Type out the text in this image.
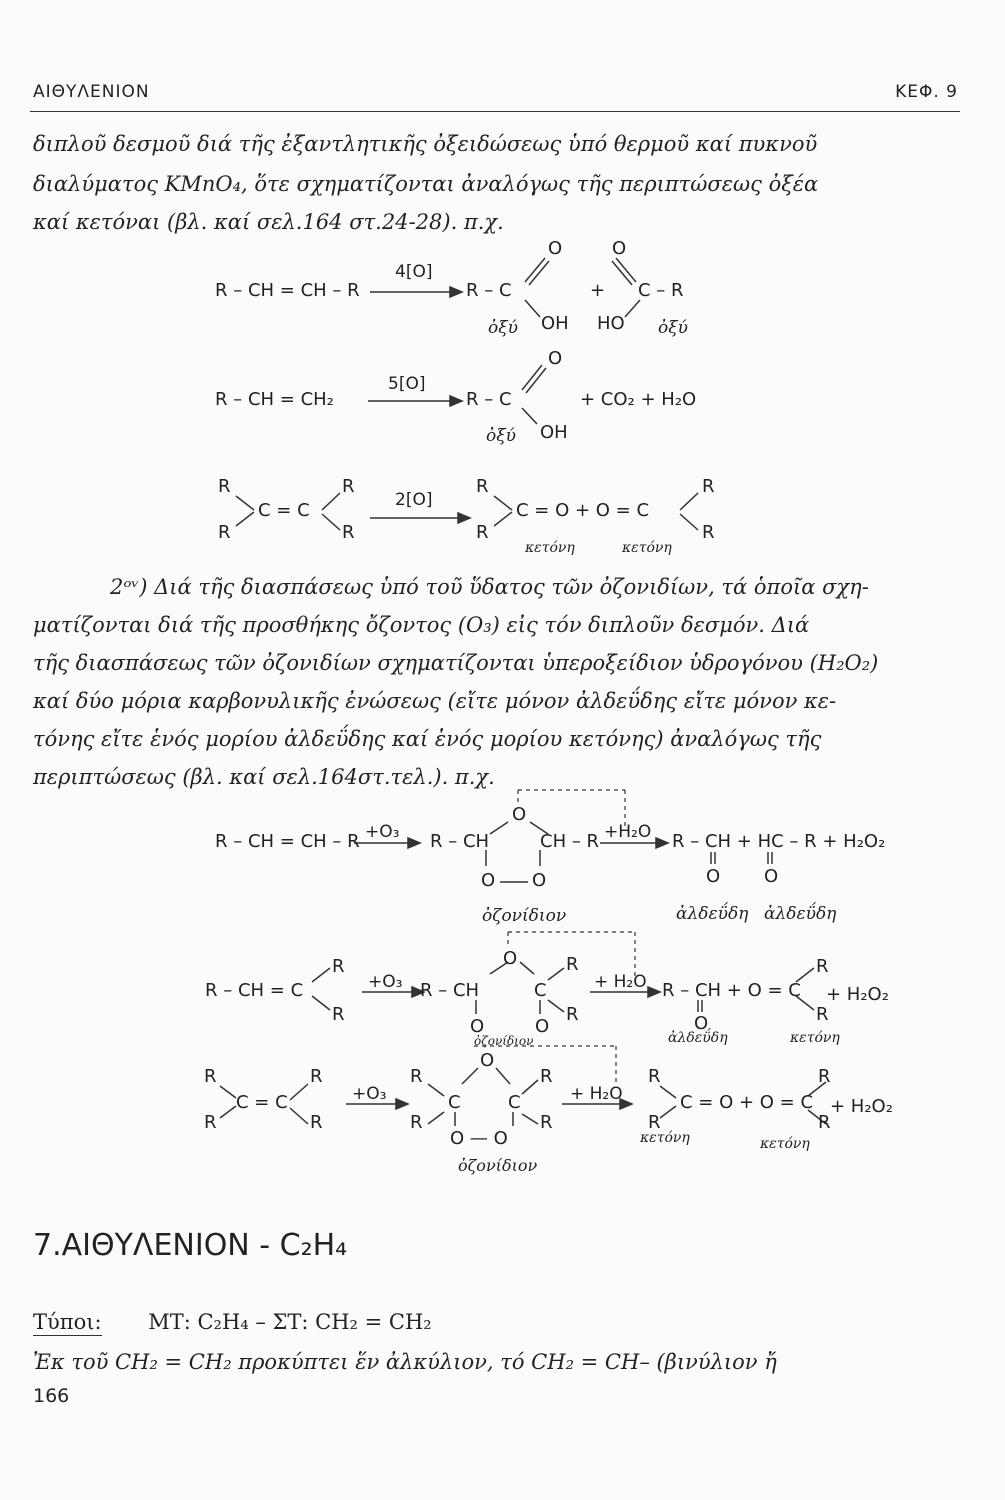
ΑΙΘΥΛΕΝΙΟΝ	ΚΕΦ. 9
διπλοῦ δεσμοῦ διά τῆς ἐξαντλητικῆς ὀξειδώσεως ὑπό θερμοῦ καί πυκνοῦ
διαλύματος KMnO₄, ὅτε σχηματίζονται ἀναλόγως τῆς περιπτώσεως ὀξέα
καί κετόναι (βλ. καί σελ.164 στ.24-28). π.χ.
R – CH = CH – R
4[O]
R – C
O
OH
+
O
C – R
HO
ὀξύ	ὀξύ
R – CH = CH₂
5[O]
R – C
O
OH
+ CO₂ + H₂O
ὀξύ
R
R
C = C
R
R
2[O]
R
R
C = O + O = C
R
R
κετόνη	κετόνη
2ᵒᵛ) Διά τῆς διασπάσεως ὑπό τοῦ ὕδατος τῶν ὀζονιδίων, τά ὁποῖα σχη-
ματίζονται διά τῆς προσθήκης ὄζοντος (O₃) εἰς τόν διπλοῦν δεσμόν. Διά
τῆς διασπάσεως τῶν ὀζονιδίων σχηματίζονται ὑπεροξείδιον ὑδρογόνου (H₂O₂)
καί δύο μόρια καρβονυλικῆς ἐνώσεως (εἴτε μόνον ἀλδεΰδης εἴτε μόνον κε-
τόνης εἴτε ἑνός μορίου ἀλδεΰδης καί ἑνός μορίου κετόνης) ἀναλόγως τῆς
περιπτώσεως (βλ. καί σελ.164στ.τελ.). π.χ.
R – CH = CH – R +O₃ R – CH	CH – R
O
O O
+H₂O R – CH + HC – R + H₂O₂
O O
ὀζονίδιον	ἀλδεΰδη ἀλδεΰδη
R – CH = C
R
R
+O₃ R – CH	C
O	R
R
O	O
ὀζονίδιον
+ H₂O R – CH + O = C
O
R
R
+ H₂O₂
ἀλδεΰδη	κετόνη
R
R
C = C
R
R
+O₃
R
R
C
O
C
R
R
O — O
ὀζονίδιον
+ H₂O
R
R
C = O + O = C
R
R
+ H₂O₂
κετόνη	κετόνη
7.ΑΙΘΥΛΕΝΙΟΝ - C₂H₄
Τύποι: ΜΤ: C₂H₄ – ΣΤ: CH₂ = CH₂
Ἐκ τοῦ CH₂ = CH₂ προκύπτει ἕν ἀλκύλιον, τό CH₂ = CH– (βινύλιον ἤ
166
